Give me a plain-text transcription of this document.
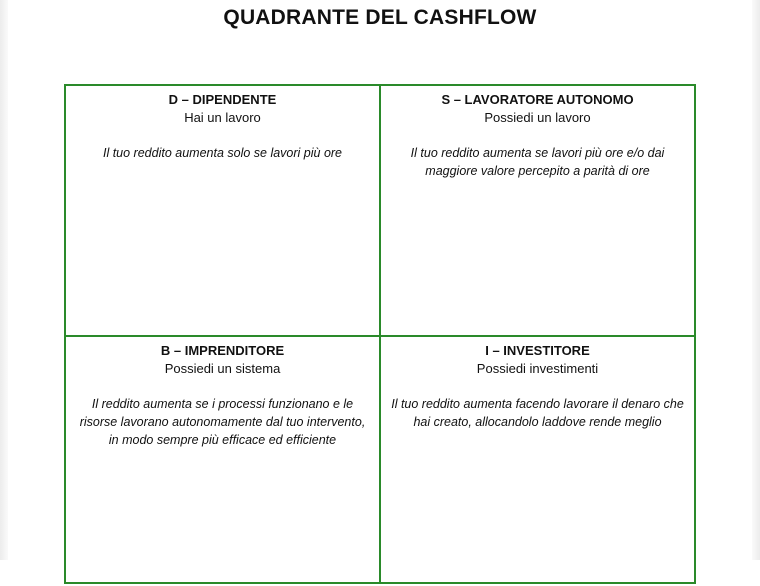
QUADRANTE DEL CASHFLOW
D – DIPENDENTE
Hai un lavoro
Il tuo reddito aumenta solo se lavori più ore
S – LAVORATORE AUTONOMO
Possiedi un lavoro
Il tuo reddito aumenta se lavori più ore e/o dai maggiore valore percepito a parità di ore
B – IMPRENDITORE
Possiedi un sistema
Il reddito aumenta se i processi funzionano e le risorse lavorano autonomamente dal tuo intervento, in modo sempre più efficace ed efficiente
I – INVESTITORE
Possiedi investimenti
Il tuo reddito aumenta facendo lavorare il denaro che hai creato, allocandolo laddove rende meglio
